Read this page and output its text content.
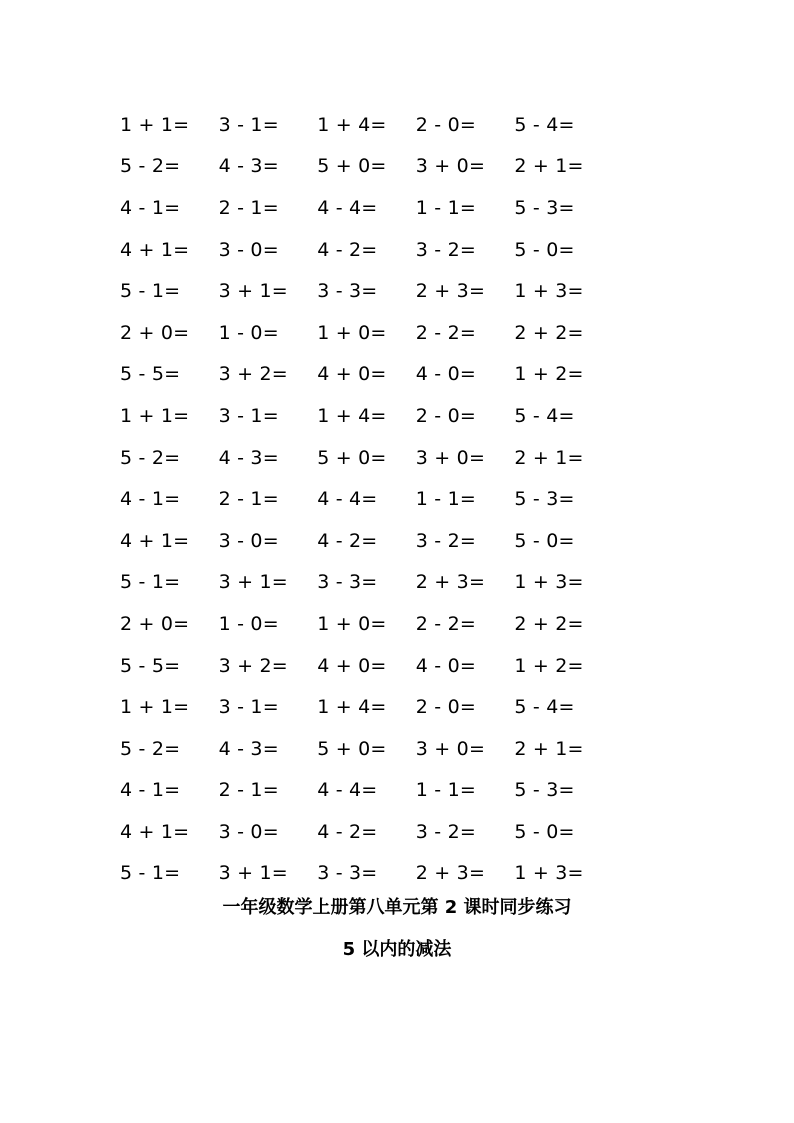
1 + 1=	3 - 1=	1 + 4=	2 - 0=	5 - 4=
5 - 2=	4 - 3=	5 + 0=	3 + 0=	2 + 1=
4 - 1=	2 - 1=	4 - 4=	1 - 1=	5 - 3=
4 + 1=	3 - 0=	4 - 2=	3 - 2=	5 - 0=
5 - 1=	3 + 1=	3 - 3=	2 + 3=	1 + 3=
2 + 0=	1 - 0=	1 + 0=	2 - 2=	2 + 2=
5 - 5=	3 + 2=	4 + 0=	4 - 0=	1 + 2=
1 + 1=	3 - 1=	1 + 4=	2 - 0=	5 - 4=
5 - 2=	4 - 3=	5 + 0=	3 + 0=	2 + 1=
4 - 1=	2 - 1=	4 - 4=	1 - 1=	5 - 3=
4 + 1=	3 - 0=	4 - 2=	3 - 2=	5 - 0=
5 - 1=	3 + 1=	3 - 3=	2 + 3=	1 + 3=
2 + 0=	1 - 0=	1 + 0=	2 - 2=	2 + 2=
5 - 5=	3 + 2=	4 + 0=	4 - 0=	1 + 2=
1 + 1=	3 - 1=	1 + 4=	2 - 0=	5 - 4=
5 - 2=	4 - 3=	5 + 0=	3 + 0=	2 + 1=
4 - 1=	2 - 1=	4 - 4=	1 - 1=	5 - 3=
4 + 1=	3 - 0=	4 - 2=	3 - 2=	5 - 0=
5 - 1=	3 + 1=	3 - 3=	2 + 3=	1 + 3=
一年级数学上册第八单元第 2 课时同步练习
5 以内的减法
